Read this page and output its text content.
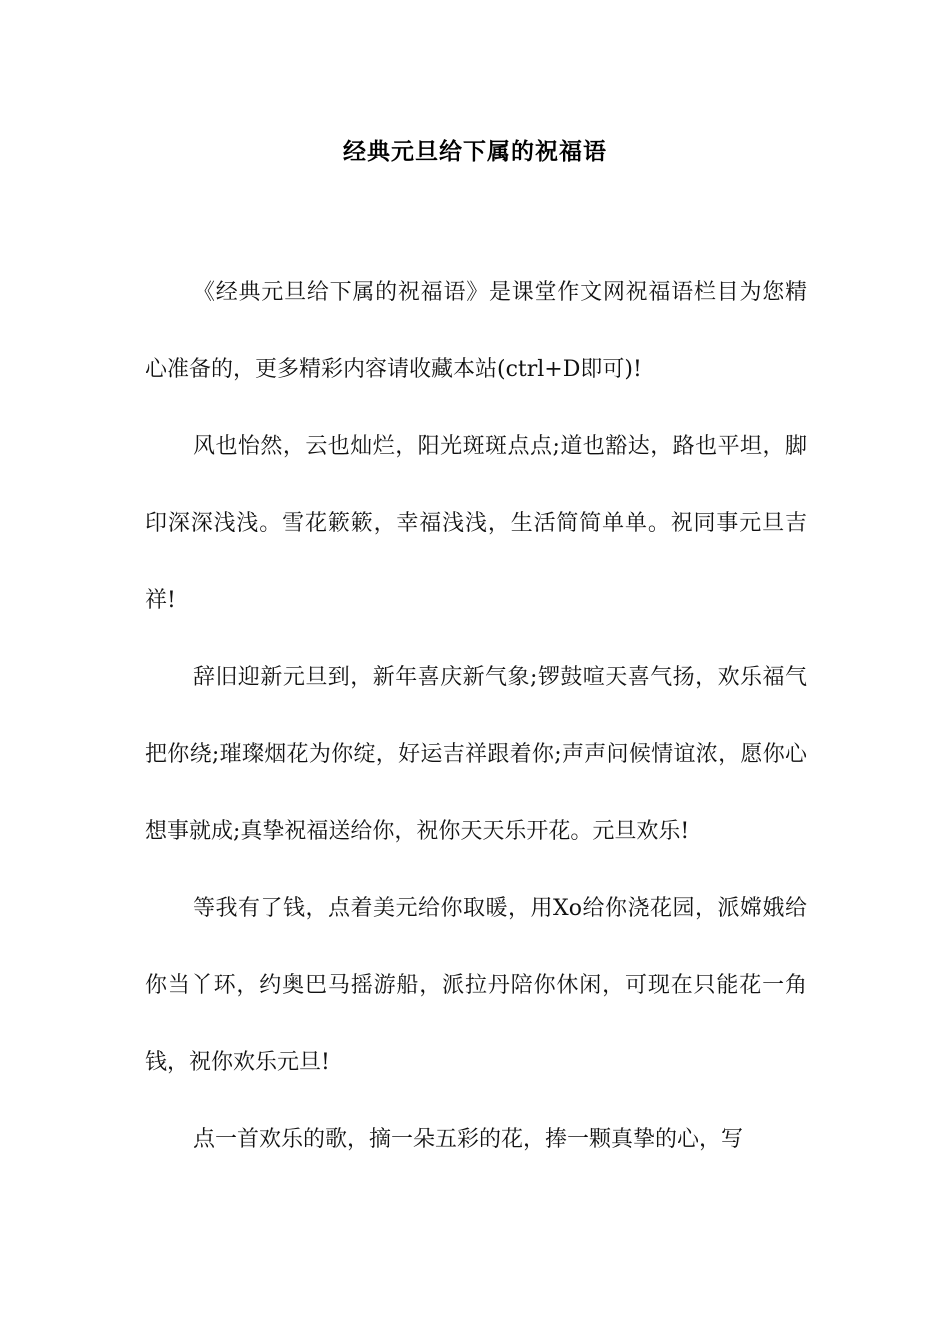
经典元旦给下属的祝福语

《经典元旦给下属的祝福语》是课堂作文网祝福语栏目为您精心准备的，更多精彩内容请收藏本站(ctrl+D即可)!

风也怡然，云也灿烂，阳光斑斑点点;道也豁达，路也平坦，脚印深深浅浅。雪花簌簌，幸福浅浅，生活简简单单。祝同事元旦吉祥!

辞旧迎新元旦到，新年喜庆新气象;锣鼓喧天喜气扬，欢乐福气把你绕;璀璨烟花为你绽，好运吉祥跟着你;声声问候情谊浓，愿你心想事就成;真挚祝福送给你，祝你天天乐开花。元旦欢乐!

等我有了钱，点着美元给你取暖，用Xo给你浇花园，派嫦娥给你当丫环，约奥巴马摇游船，派拉丹陪你休闲，可现在只能花一角钱，祝你欢乐元旦!

点一首欢乐的歌，摘一朵五彩的花，捧一颗真挚的心，写
